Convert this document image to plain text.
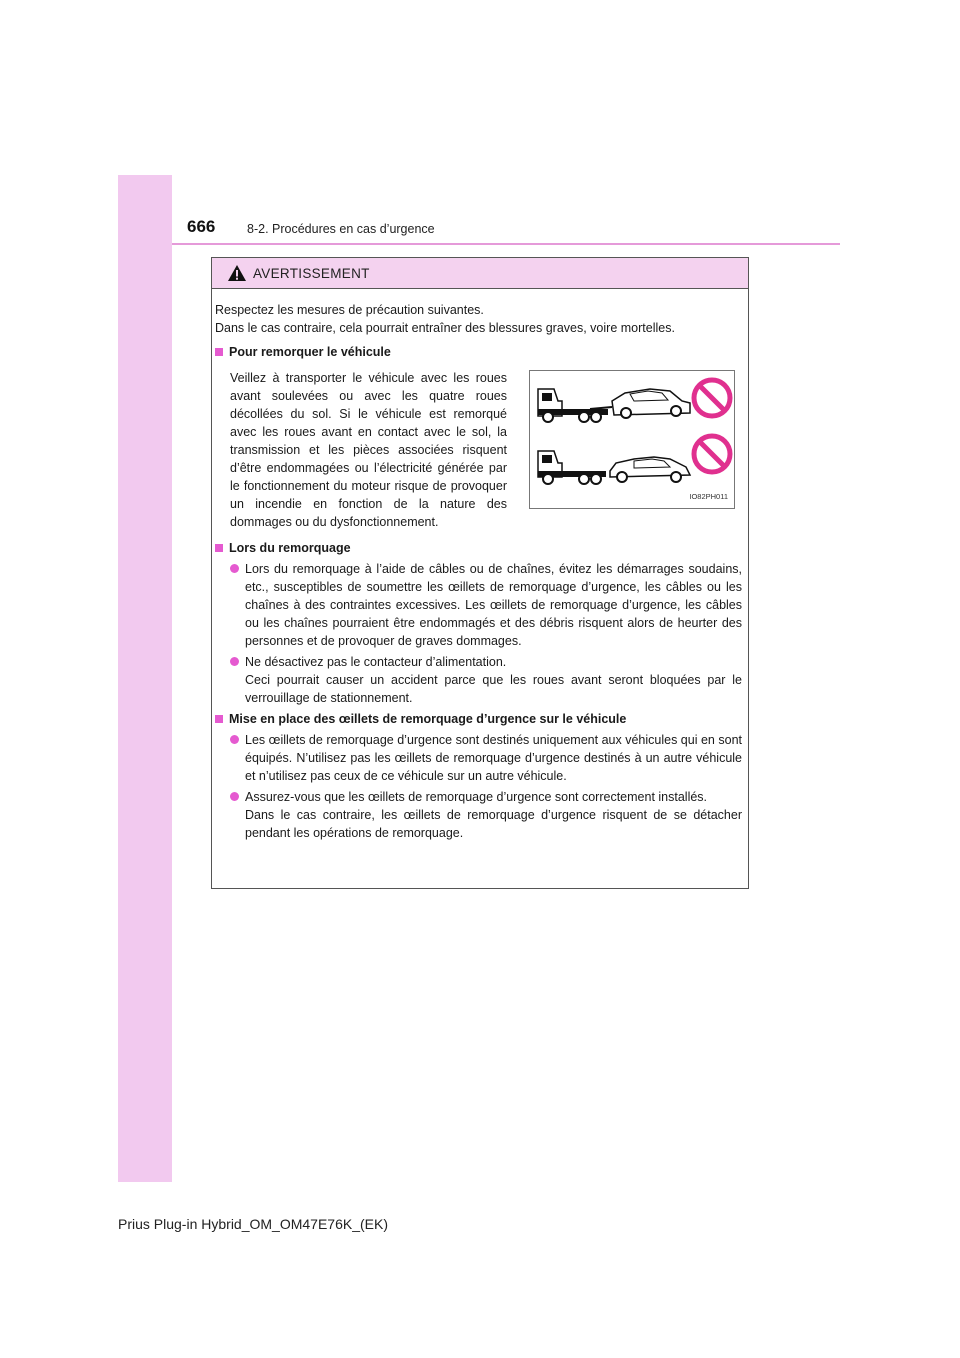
666	8-2. Procédures en cas d’urgence
AVERTISSEMENT

Respectez les mesures de précaution suivantes.

Dans le cas contraire, cela pourrait entraîner des blessures graves, voire mortelles.

Pour remorquer le véhicule
Veillez à transporter le véhicule avec les roues avant soulevées ou avec les quatre roues décollées du sol. Si le véhicule est remorqué avec les roues avant en contact avec le sol, la transmission et les pièces associées risquent d’être endommagées ou l’électricité générée par le fonctionnement du moteur risque de provoquer un incendie en fonction de la nature des dommages ou du dysfonctionnement.
IO82PH011
Lors du remorquage
Lors du remorquage à l’aide de câbles ou de chaînes, évitez les démarrages soudains, etc., susceptibles de soumettre les œillets de remorquage d’urgence, les câbles ou les chaînes à des contraintes excessives. Les œillets de remorquage d’urgence, les câbles ou les chaînes pourraient être endommagés et des débris risquent alors de heurter des personnes et de provoquer de graves dommages.
Ne désactivez pas le contacteur d’alimentation.
Ceci pourrait causer un accident parce que les roues avant seront bloquées par le verrouillage de stationnement.
Mise en place des œillets de remorquage d’urgence sur le véhicule
Les œillets de remorquage d’urgence sont destinés uniquement aux véhicules qui en sont équipés. N’utilisez pas les œillets de remorquage d’urgence destinés à un autre véhicule et n’utilisez pas ceux de ce véhicule sur un autre véhicule.
Assurez-vous que les œillets de remorquage d’urgence sont correctement installés.
Dans le cas contraire, les œillets de remorquage d’urgence risquent de se détacher pendant les opérations de remorquage.
Prius Plug-in Hybrid_OM_OM47E76K_(EK)
